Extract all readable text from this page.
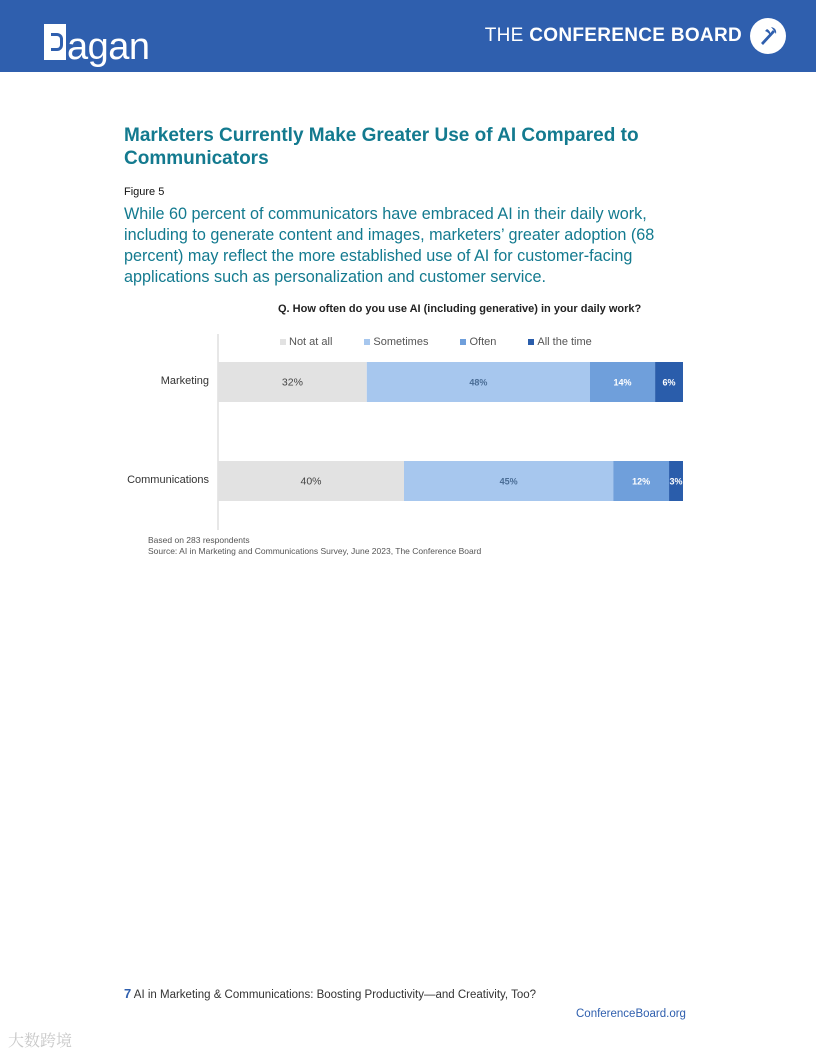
agan	THE CONFERENCE BOARD
Marketers Currently Make Greater Use of AI Compared to Communicators
Figure 5
While 60 percent of communicators have embraced AI in their daily work, including to generate content and images, marketers’ greater adoption (68 percent) may reflect the more established use of AI for customer-facing applications such as personalization and customer service.
Q. How often do you use AI (including generative) in your daily work?
Not at all	Sometimes	Often	All the time
Marketing
Communications
32%	48%	14%	6%
40%	45%	12% 3%
Based on 283 respondents
Source: AI in Marketing and Communications Survey, June 2023, The Conference Board
7 AI in Marketing & Communications: Boosting Productivity—and Creativity, Too?
ConferenceBoard.org
大数跨境
